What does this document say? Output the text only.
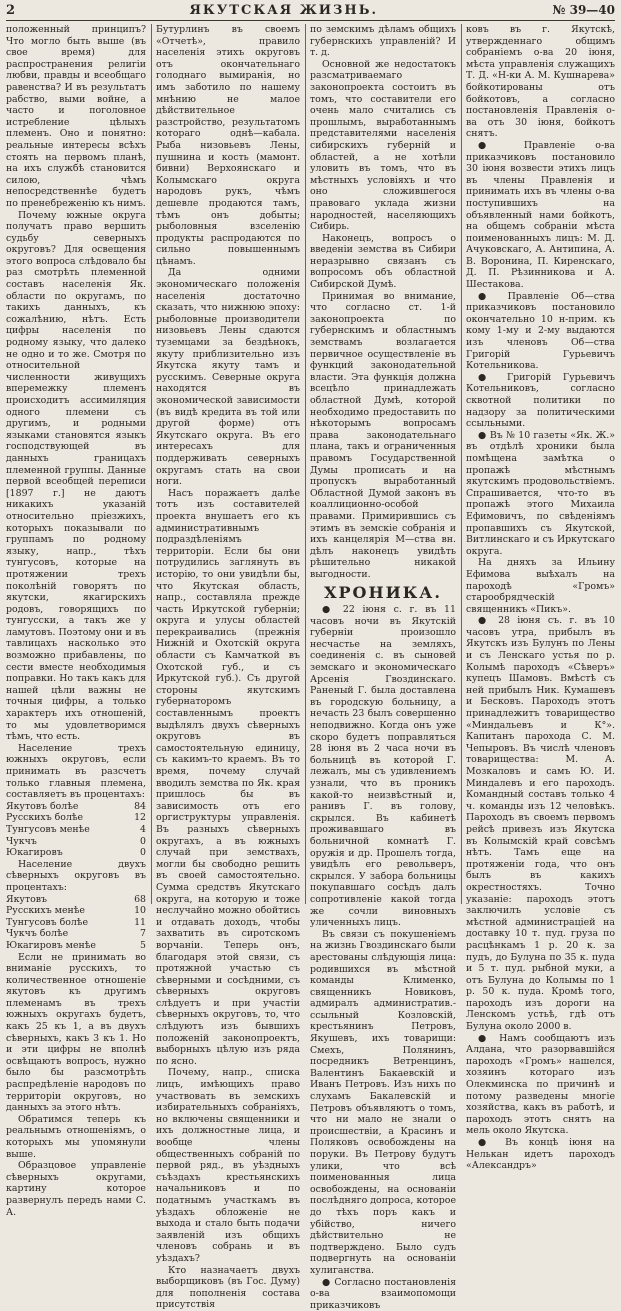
2	ЯКУТСКАЯ ЖИЗНЬ.	№ 39—40

положенный принципъ? Что могло быть выше (въ свое время) для распространения религiи любви, правды и всеобщаго равенства? И въ результатъ рабство, выми войне, а часто и поголовное истребление цѣлыхъ племенъ. Оно и понятно: реальные интересы всѣхъ стоять на первомъ планѣ, на ихъ службѣ становится силою, чѣмъ непосредственнѣе будетъ по пренебреженiю къ нимъ.

Почему южные округа получатъ право вершить судьбу северныхъ округовъ? Для освещения этого вопроса слѣдовало бы раз смотрѣть племенной составъ населенiя Як. области по округамъ, по такихъ данныхъ, къ сожалѣнию, нѣтъ. Есть цифры населенiя по родному языку, что далеко не одно и то же. Смотря по относительной численности живущихъ вперемежку племенъ происходитъ ассимиляция одного племени съ другимъ, и родными языками становятся языкъ господствующей въ данныхъ границахъ племенной группы. Данные первой всеобщей переписи [1897 г.] не даютъ никакихъ указанiй относительно прiезжихъ, которыхъ показывали по группамъ по родному языку, напр., тѣхъ тунгусовъ, которые на протяжении трехъ поколѣнiй говорятъ по якутски, якагирскихъ родовъ, говорящихъ по тунгусски, а такъ же у ламутовъ. Поэтому они и въ тавлицахъ насколько это возможно прибавлены, по сести вместе необходимыя поправки. Но такъ какъ для нашей цѣли важны не точныя цифры, а только характеръ ихъ отношенiй, то мы удовлетворимся тѣмъ, что есть.

Население трехъ южныхъ округовъ, если принимать въ разсчетъ только главныя племена, составляетъ въ процентахъ:

Якутовъ болѣе	84
Русскихъ болѣе	12
Тунгусовъ менѣе	4
Чукчъ	0
Юкагировъ	0

Население двухъ сѣверныхъ округовъ въ процентахъ:

Якутовъ	68
Русскихъ менѣе	10
Тунгусовъ болѣе	11
Чукчъ болѣе	7
Юкагировъ менѣе	5

Если не принимать во вниманiе русскихъ, то количественное отношенiе якутовъ къ другимъ племенамъ въ трехъ южныхъ округахъ будетъ, какъ 25 къ 1, а въ двухъ сѣверныхъ, какъ 3 къ 1. Но и эти цифры не вполнѣ освѣщаютъ вопросъ, нужно было бы разсмотрѣть распредѣленiе народовъ по территорiи округовъ, но данныхъ за этого нѣтъ.

Обратимся теперь къ реальнымъ отношенiямъ, о которыхъ мы упомянули выше.

Образцовое управленiе сѣверныхъ округами, картину которое развернулъ передъ нами С. А.

Бутурлинъ въ своемъ «Отчетѣ», правило населенiя этихъ округовъ отъ окончательнаго голоднаго вымиранiя, но имъ заботило по нашему мнѣнию не малое дѣйствительное разстройство, результатомъ котораго однѣ—кабала. Рыба низовьевъ Лены, пушнина и кость (мамонт. бивни) Верхоянскаго и Колымскаго округа народовъ рукъ, чѣмъ дешевле продаются тамъ, тѣмъ онъ добыты; рыболовныя взселенiю продукты распродаются по сильно повышеннымъ цѣнамъ.

Да одними экономическаго положенiя населенiя достаточно сказать, что нижнюю эпоху: рыболовные производители низовьевъ Лены сдаются туземцами за бездѣнокъ, якуту приблизительно изъ Якутска якуту тамъ и русскимъ. Северные округа находятся въ экономической зависимости (въ видѣ кредита въ той или другой форме) отъ Якутскаго округа. Въ его интересахъ для поддерживать северныхъ округамъ стать на свои ноги.

Насъ поражаетъ далѣе тотъ изъ составителей проекта внушаетъ его къ административнымъ подраздѣленiямъ территорiи. Если бы они потрудились заглянуть въ исторiю, то они увидѣли бы, что Якутская область, напр., составляла прежде часть Иркутской губернiи; округа и улусы областей перекраивались (прежнiя Нижнiй и Охотскiй округа области съ Камчаткой въ Охотской губ., и съ Иркутской губ.). Съ другой стороны якутскимъ губернаторомъ составленнымъ проектъ выдѣлялъ двухъ сѣверныхъ округовъ въ самостоятельную единицу, съ какимъ-то краемъ. Въ то время, почему случай вводилъ земства по Як. края пришлось бы въ зависимость отъ его оргиструктуры управленiя. Въ разныхъ сѣверныхъ округахъ, а въ южныхъ случай при земствахъ, могли бы свободно решить въ своей самостоятельно. Сумма средствъ Якутскаго округа, на которую и тоже неслучайно можно обойтись и отдавать доходъ, чтобы захватить въ сиротскомъ ворчанiи. Теперь онъ, благодаря этой связи, съ протяжной участью съ сѣверными и сосѣдними, съ сѣверныхъ округовъ слѣдуетъ и при участiи сѣверныхъ округовъ, то, что слѣдуютъ изъ бывшихъ положеній законопроектъ, выборныхъ цѣлую изъ ряда по ясно.

Почему, напр., списка лицъ, имѣющихъ право участвовать въ земскихъ избирательныхъ собранiяхъ, но включены священники и ихъ должностные лица, и вообще члены общественныхъ собранiй по первой ряд., въ уѣздныхъ съѣздахъ крестьянскихъ начальниковъ и по податнымъ участкамъ въ уѣздахъ обложенiе не выхода и стало быть подачи заявленiй изъ общихъ членовъ собрань и въ уѣздахъ?

Кто назначаетъ двухъ выборщиковъ (въ Гос. Думу) для пополненiя состава присутствiя

по земскимъ дѣламъ общихъ губернскихъ управленiй? И т. д.

Основной же недостатокъ разсматриваемаго законопроекта состоитъ въ томъ, что составители его очень мало считались съ прошлымъ, выработаннымъ представителями населенiя сибирскихъ губернiй и областей, а не хотѣли уловить въ томъ, что въ мѣстныхъ условiяхъ и что оно сложившегося правоваго уклада жизни народностей, населяющихъ Сибирь.

Наконецъ, вопросъ о введенiи земства въ Сибири неразрывно связанъ съ вопросомъ объ областной Сибирской Думѣ.

Принимая во внимание, что согласно ст. 1-й законопроекта по губернскимъ и областнымъ земствамъ возлагается первичное осуществленiе въ функций законодательной власти. Эта функцiя должна всецѣло принадлежать областной Думѣ, которой необходимо предоставить по нѣкоторымъ вопросамъ права законодательнаго плана, такъ и ограниченныя правомъ Государственной Думы прописать и на пропускъ выработанный Областной Думой законъ въ коаллиционно-особой правами. Примирившись съ этимъ въ земскiе собранiя и ихъ канцелярiя М—ства вн. дѣлъ наконецъ увидѣть рѣшительно никакой выгодности.

ХРОНИКА.

● 22 iюня с. г. въ 11 часовъ ночи въ Якутскiй губернiи произошло несчастье на земляхъ, соединенiя с. въ сыновей земскаго и экономическаго Арсенiя Гвоздинскаго. Раненый Г. была доставлена въ городскую больницу, а нечасть 23 былъ совершенно неподвижно. Когда онъ уже скоро будетъ поправляться 28 iюня въ 2 часа ночи въ больницѣ въ которой Г. лежалъ, мы съ удивлениемъ узнали, что въ проникъ какой-то неизвѣстный и, ранивъ Г. въ голову, скрылся. Въ кабинетѣ проживавшаго въ больничной комнатѣ Г. оружiя и др. Прошелъ тогда, увидѣлъ его револьверъ, скрылся. У забора больницы покупавшаго сосѣдъ далъ сопротивленiе какой тогда же сочли виновныхъ уличенныхъ лицъ.

Въ связи съ покушенiемъ на жизнь Гвоздинскаго были арестованы слѣдующiя лица: родившихся въ мѣстной команды Клименко, священникъ Новиковъ, адмиралъ административ.-ссыльный Козловскiй, крестьянинъ Петровъ, Якушевъ, ихъ товарищи: Смехъ, Полянинъ, посредникъ Ветренцинъ, Валентинъ Бакаевскiй и Иванъ Петровъ. Изъ нихъ по слухамъ Бакалевскiй и Петровъ объявляютъ о томъ, что ни мало не знали о происшествiи, а Красинъ и Поляковъ освобождены на поруки. Въ Петрову будутъ улики, что всѣ поименованныя лица освобождены, на основанiи послѣдняго допроса, которое до тѣхъ поръ какъ и убiйство, ничего дѣйствительно не подтверждено. Было судъ подвергнуть на основанiи хулиганства.

● Согласно постановленiя о-ва взаимопомощи приказчиковъ

ковъ въ г. Якутскѣ, утвержденнаго общимъ собранiемъ о-ва 20 iюня, мѣста управленiя служащихъ Т. Д. «Н-ки А. М. Кушнарева» бойкотированы отъ бойкотовъ, а согласно постановленiя Правленiя о-ва отъ 30 iюня, бойкотъ снятъ.

● Правленiе о-ва приказчиковъ постановило 30 iюня возвести этихъ лицъ въ члены Правленiя и принимать ихъ въ члены о-ва поступившихъ на объявленный нами бойкотъ, на общемъ собранiи мѣста поименованныхъ лицъ: М. Д. Ачуковскаго, А. Антипина, А. В. Воронина, П. Киренскаго, Д. П. Рѣзинникова и А. Шестакова.

● Правленiе Об—ства приказчиковъ постановило окончательно 10 н-прим. къ кому 1-му и 2-му выдаются изъ членовъ Об—ства Григорiй Гурьевичъ Котельникова.

● Григорiй Гурьевичъ Котельниковъ, согласно сквотной политики по надзору за политическими ссыльными.

● Въ № 10 газеты «Як. Ж.» въ отдѣлѣ хроники была помѣщена замѣтка о пропажѣ мѣстнымъ якутскимъ продовольствiемъ. Спрашивается, что-то въ пропажѣ этого Михаила Ефимовичъ, по свѣденiямъ пропавшихъ съ Якутской, Витлинскаго и съ Иркутскаго округа.

На дняхъ за Ильину Ефимова выѣхалъ на пароходѣ «Громъ» старообрядческiй священникъ «Пикъ».

● 28 iюня съ. г. въ 10 часовъ утра, прибылъ въ Якутскъ изъ Булунъ по Лены и съ Ленскаго устья по р. Колымѣ пароходъ «Сѣверъ» купецъ Шамовъ. Вмѣстѣ съ ней прибылъ Ник. Кумашевъ и Бесковъ. Пароходъ этотъ принадлежитъ товарищество «Миндальевъ и К°». Капитанъ парохода С. М. Чепыровъ. Въ числѣ членовъ товарищества: М. А. Мозкаловъ и самъ Ю. И. Миндалевъ и его пароходъ. Командный составъ только 4 ч. команды изъ 12 человѣкъ. Пароходъ въ своемъ первомъ рейсѣ привезъ изъ Якутска въ Колымскiй край совсѣмъ нѣтъ. Тамъ еще на протяженiи года, что онъ былъ въ какихъ окрестностяхъ. Точно указанiе: пароходъ этотъ заключилъ условiе съ мѣстной администрацiей на доставку 10 т. пуд. груза по расцѣнкамъ 1 р. 20 к. за пудъ, до Булуна по 35 к. пуда и 5 т. пуд. рыбной муки, а отъ Булуна до Колымы по 1 р. 50 к. пуда. Кромѣ того, пароходъ изъ дороги на Ленскомъ устьѣ, гдѣ отъ Булуна около 2000 в.

● Намъ сообщаютъ изъ Алдана, что разорвавшiйся пароходъ «Громъ» нашелся, хозяинъ котораго изъ Олекминска по причинѣ и потому разведены многiе хозяйства, какъ въ работѣ, и пароходъ этотъ снятъ на мель около Якутска.

● Въ концѣ iюня на Нелькан идетъ пароходъ «Александръ»
